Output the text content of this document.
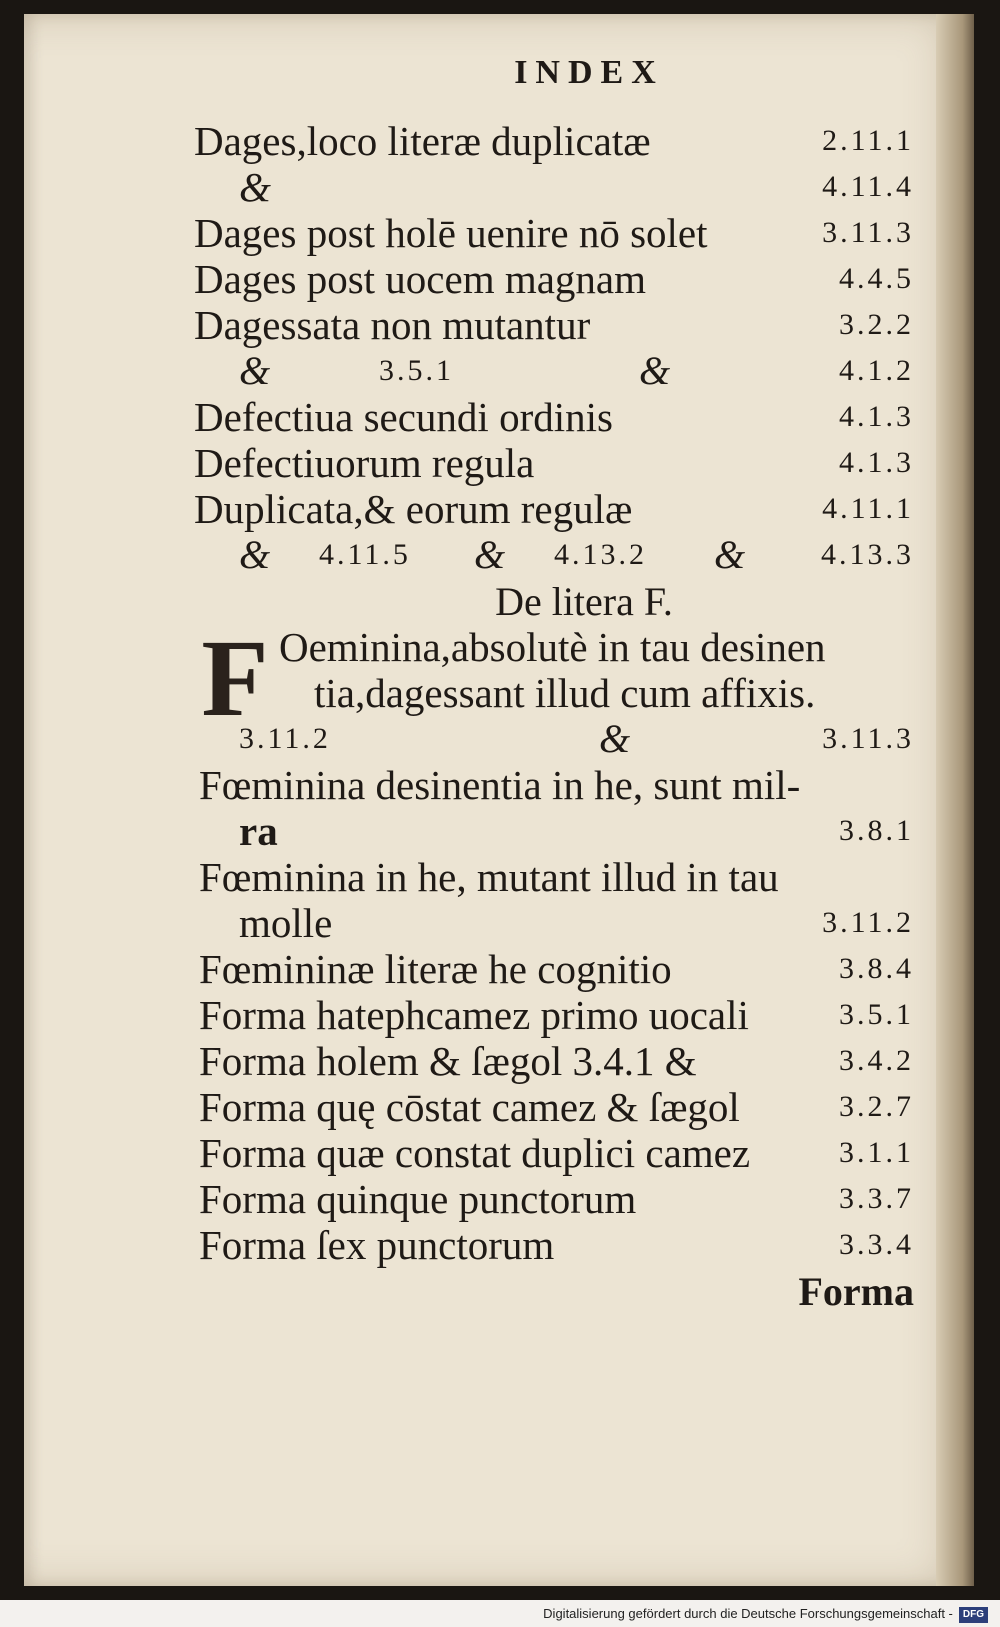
INDEX
Dages,loco literæ duplicatæ	2.11.1
&	4.11.4
Dages post holē uenire nō solet	3.11.3
Dages post uocem magnam	4.4.5
Dagessata non mutantur	3.2.2
&	3.5.1	&	4.1.2
Defectiua secundi ordinis	4.1.3
Defectiuorum regula	4.1.3
Duplicata,& eorum regulæ	4.11.1
& 4.11.5 & 4.13.2 & 4.13.3
De litera F.
F Oeminina,absolutè in tau desinen
tia,dagessant illud cum affixis.
3.11.2	&	3.11.3
Fœminina desinentia in he, sunt mil-
ra	3.8.1
Fœminina in he, mutant illud in tau
molle	3.11.2
Fœmininæ literæ he cognitio	3.8.4
Forma hatephcamez primo uocali	3.5.1
Forma holem & ſægol 3.4.1 &	3.4.2
Forma quę cōstat camez & ſægol	3.2.7
Forma quæ constat duplici camez	3.1.1
Forma quinque punctorum	3.3.7
Forma ſex punctorum	3.3.4
Forma
Digitalisierung gefördert durch die Deutsche Forschungsgemeinschaft - DFG
